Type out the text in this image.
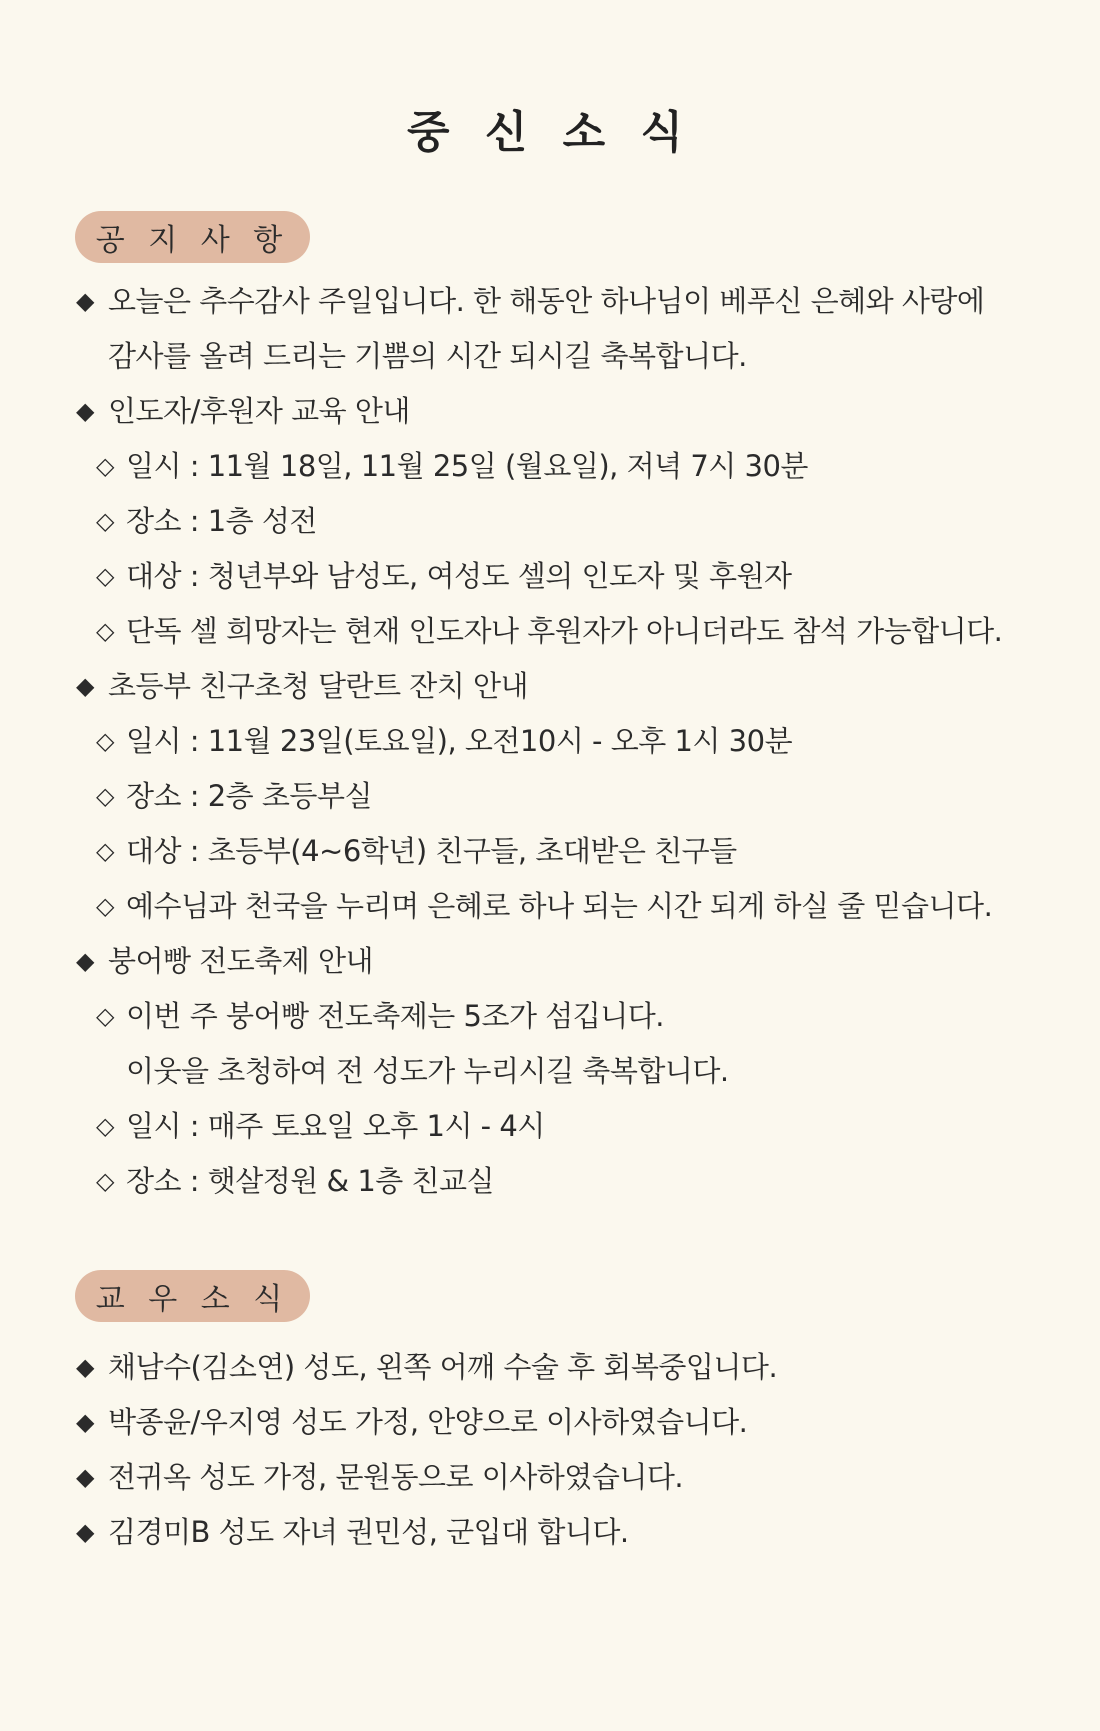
중 신 소 식
공 지 사 항
◆ 오늘은 추수감사 주일입니다. 한 해동안 하나님이 베푸신 은혜와 사랑에
감사를 올려 드리는 기쁨의 시간 되시길 축복합니다.
◆ 인도자/후원자 교육 안내
◇ 일시 : 11월 18일, 11월 25일 (월요일), 저녁 7시 30분
◇ 장소 : 1층 성전
◇ 대상 : 청년부와 남성도, 여성도 셀의 인도자 및 후원자
◇ 단독 셀 희망자는 현재 인도자나 후원자가 아니더라도 참석 가능합니다.
◆ 초등부 친구초청 달란트 잔치 안내
◇ 일시 : 11월 23일(토요일), 오전10시 - 오후 1시 30분
◇ 장소 : 2층 초등부실
◇ 대상 : 초등부(4~6학년) 친구들, 초대받은 친구들
◇ 예수님과 천국을 누리며 은혜로 하나 되는 시간 되게 하실 줄 믿습니다.
◆ 붕어빵 전도축제 안내
◇ 이번 주 붕어빵 전도축제는 5조가 섬깁니다.
이웃을 초청하여 전 성도가 누리시길 축복합니다.
◇ 일시 : 매주 토요일 오후 1시 - 4시
◇ 장소 : 햇살정원 & 1층 친교실
교 우 소 식
◆ 채남수(김소연) 성도, 왼쪽 어깨 수술 후 회복중입니다.
◆ 박종윤/우지영 성도 가정, 안양으로 이사하였습니다.
◆ 전귀옥 성도 가정, 문원동으로 이사하였습니다.
◆ 김경미B 성도 자녀 권민성, 군입대 합니다.
